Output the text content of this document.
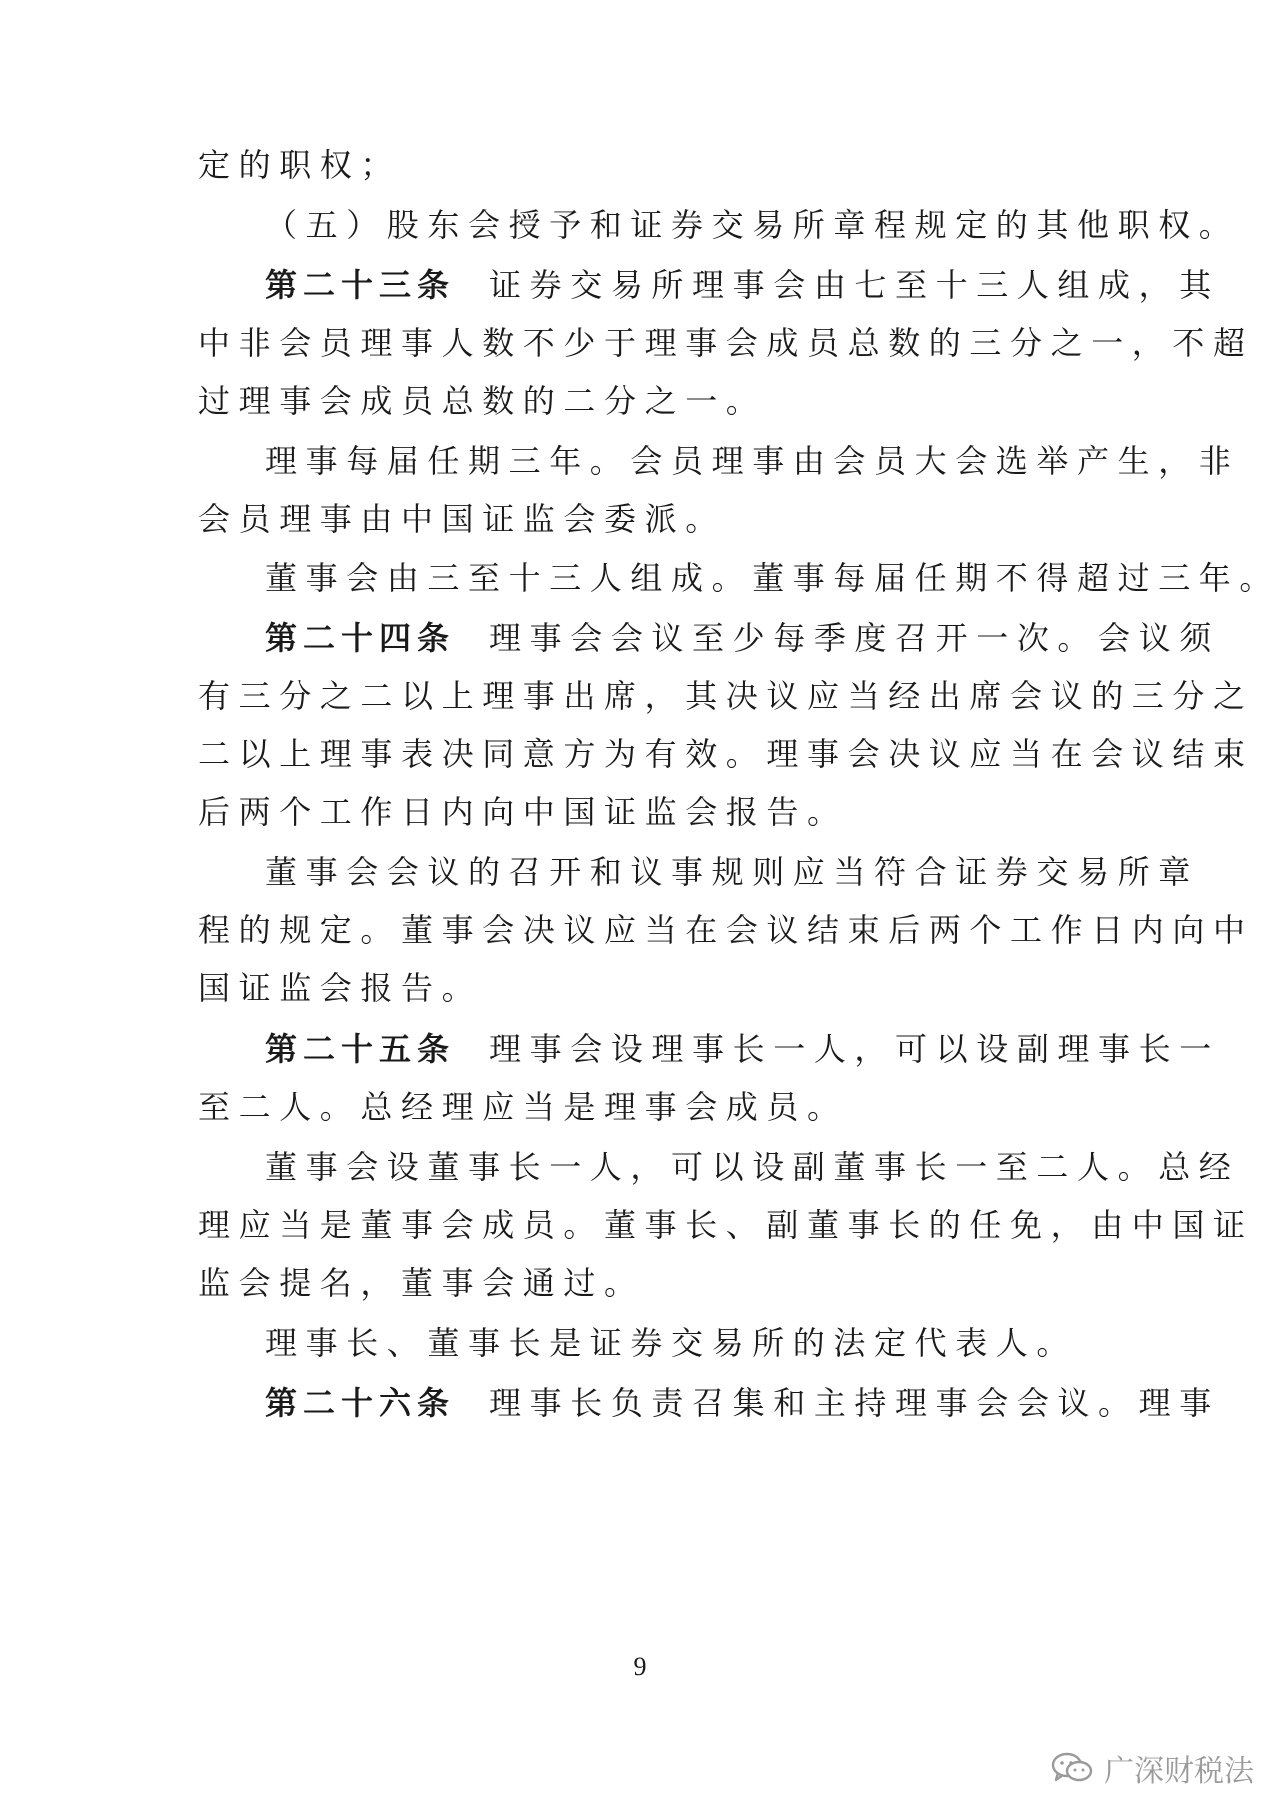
定的职权；
（五）股东会授予和证券交易所章程规定的其他职权。
第二十三条 证券交易所理事会由七至十三人组成，其
中非会员理事人数不少于理事会成员总数的三分之一，不超
过理事会成员总数的二分之一。
理事每届任期三年。会员理事由会员大会选举产生，非
会员理事由中国证监会委派。
董事会由三至十三人组成。董事每届任期不得超过三年。
第二十四条 理事会会议至少每季度召开一次。会议须
有三分之二以上理事出席，其决议应当经出席会议的三分之
二以上理事表决同意方为有效。理事会决议应当在会议结束
后两个工作日内向中国证监会报告。
董事会会议的召开和议事规则应当符合证券交易所章
程的规定。董事会决议应当在会议结束后两个工作日内向中
国证监会报告。
第二十五条 理事会设理事长一人，可以设副理事长一
至二人。总经理应当是理事会成员。
董事会设董事长一人，可以设副董事长一至二人。总经
理应当是董事会成员。董事长、副董事长的任免，由中国证
监会提名，董事会通过。
理事长、董事长是证券交易所的法定代表人。
第二十六条 理事长负责召集和主持理事会会议。理事
9
广深财税法
